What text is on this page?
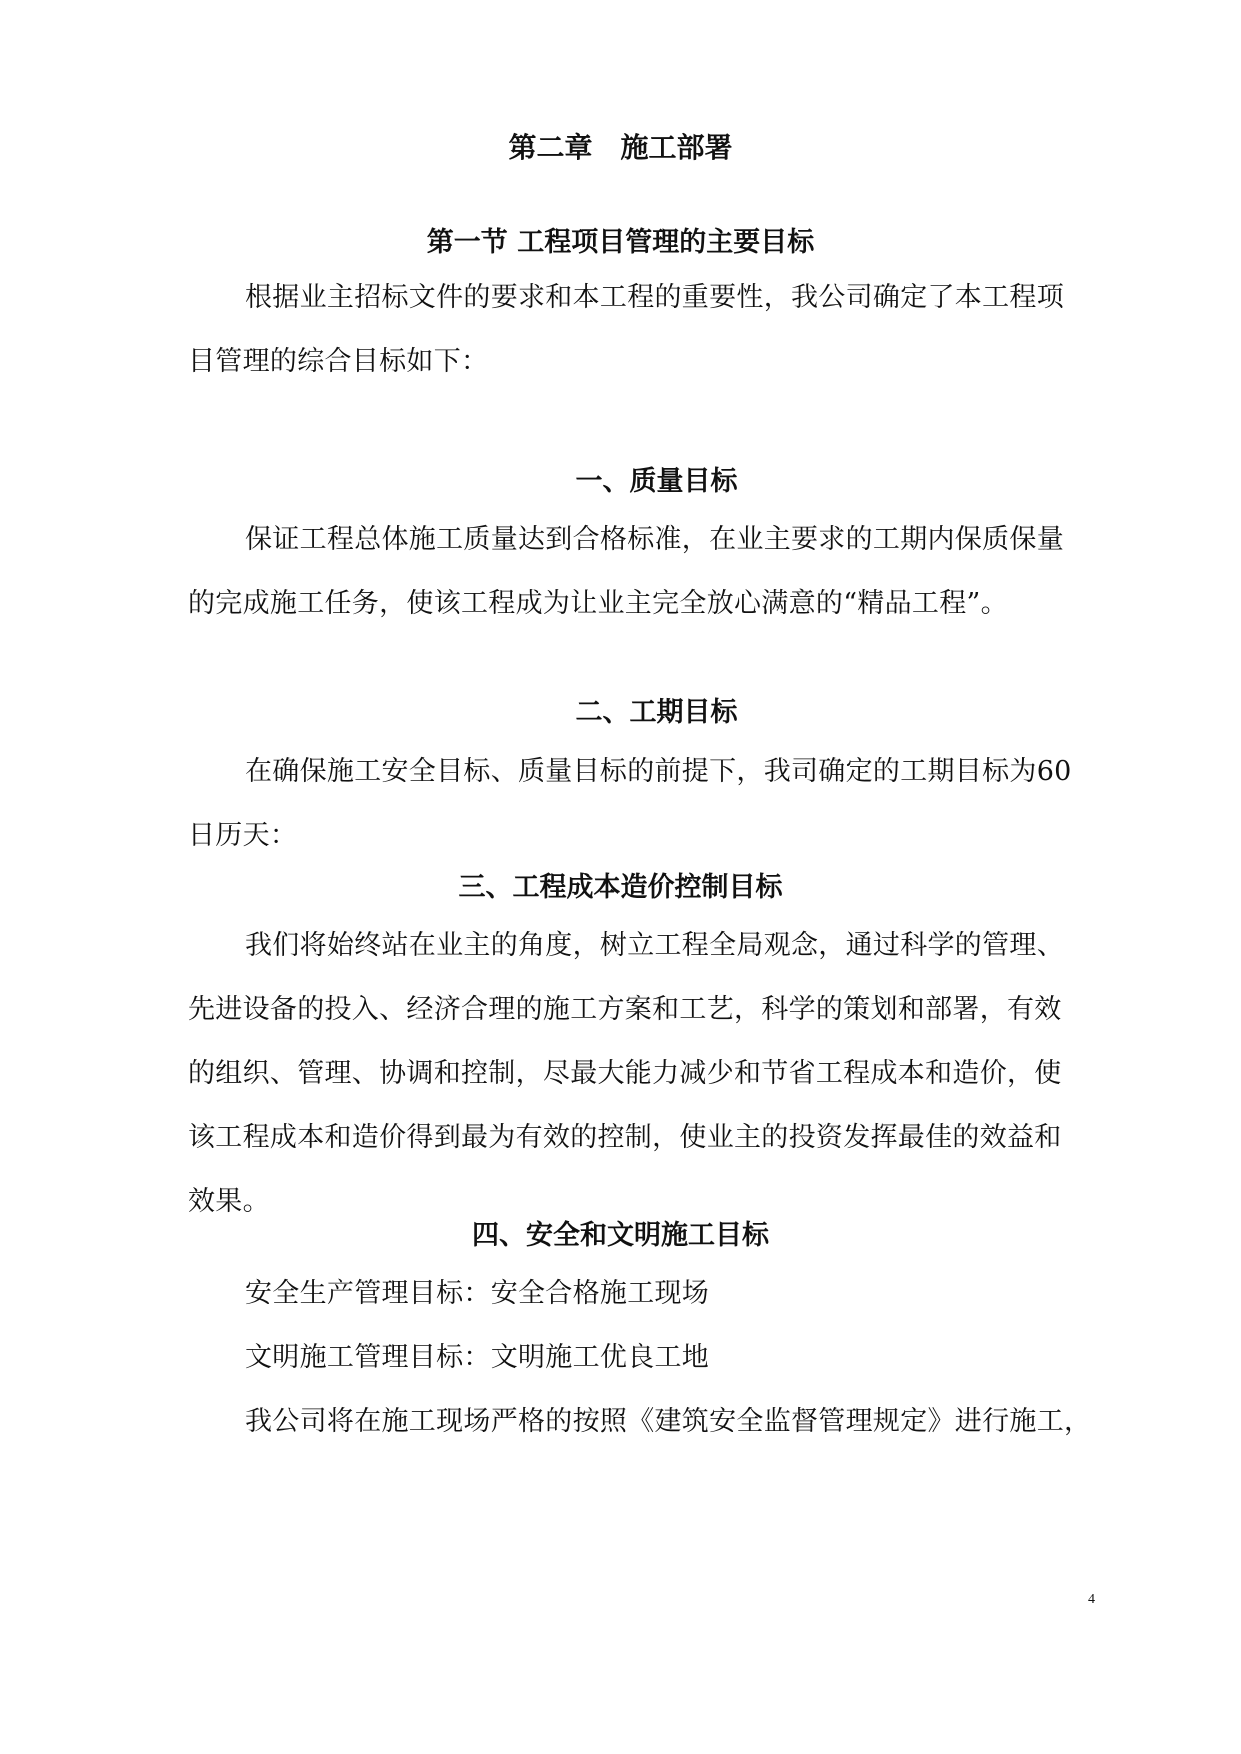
第二章　施工部署
第一节 工程项目管理的主要目标
根据业主招标文件的要求和本工程的重要性，我公司确定了本工程项
目管理的综合目标如下：
一、质量目标
保证工程总体施工质量达到合格标准，在业主要求的工期内保质保量
的完成施工任务，使该工程成为让业主完全放心满意的“精品工程”。
二、工期目标
在确保施工安全目标、质量目标的前提下，我司确定的工期目标为60
日历天：
三、工程成本造价控制目标
我们将始终站在业主的角度，树立工程全局观念，通过科学的管理、
先进设备的投入、经济合理的施工方案和工艺，科学的策划和部署，有效
的组织、管理、协调和控制，尽最大能力减少和节省工程成本和造价，使
该工程成本和造价得到最为有效的控制，使业主的投资发挥最佳的效益和
效果。
四、安全和文明施工目标
安全生产管理目标：安全合格施工现场
文明施工管理目标：文明施工优良工地
我公司将在施工现场严格的按照《建筑安全监督管理规定》进行施工，
4
